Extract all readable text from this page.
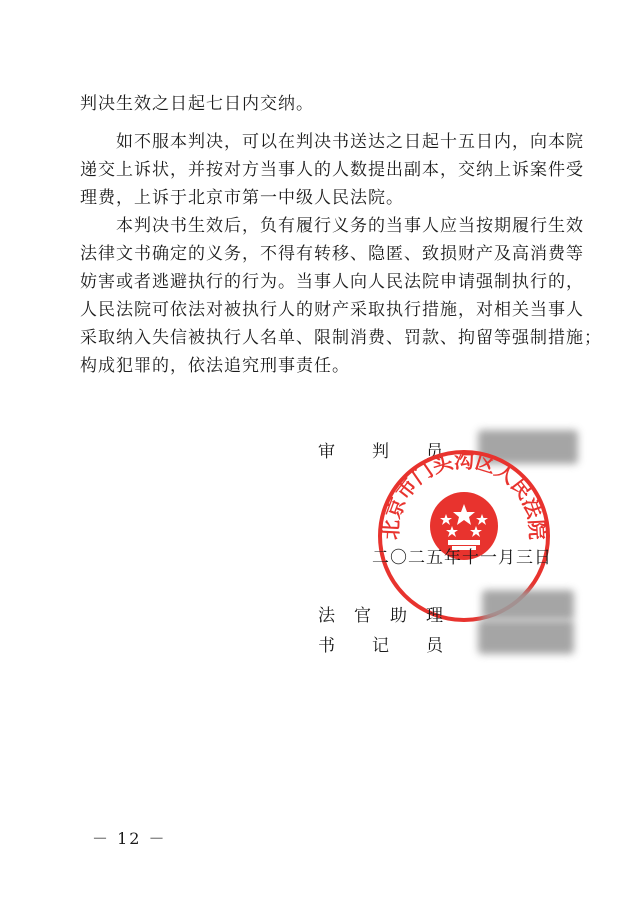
判决生效之日起七日内交纳。

　　如不服本判决，可以在判决书送达之日起十五日内，向本院
递交上诉状，并按对方当事人的人数提出副本，交纳上诉案件受
理费，上诉于北京市第一中级人民法院。

　　本判决书生效后，负有履行义务的当事人应当按期履行生效
法律文书确定的义务，不得有转移、隐匿、致损财产及高消费等
妨害或者逃避执行的行为。当事人向人民法院申请强制执行的，
人民法院可依法对被执行人的财产采取执行措施，对相关当事人
采取纳入失信被执行人名单、限制消费、罚款、拘留等强制措施；
构成犯罪的，依法追究刑事责任。

审　　判　　员
北京市门头沟区人民法院
二〇二五年十一月三日
法　官　助　理
书　　记　　员
－ 12 －
